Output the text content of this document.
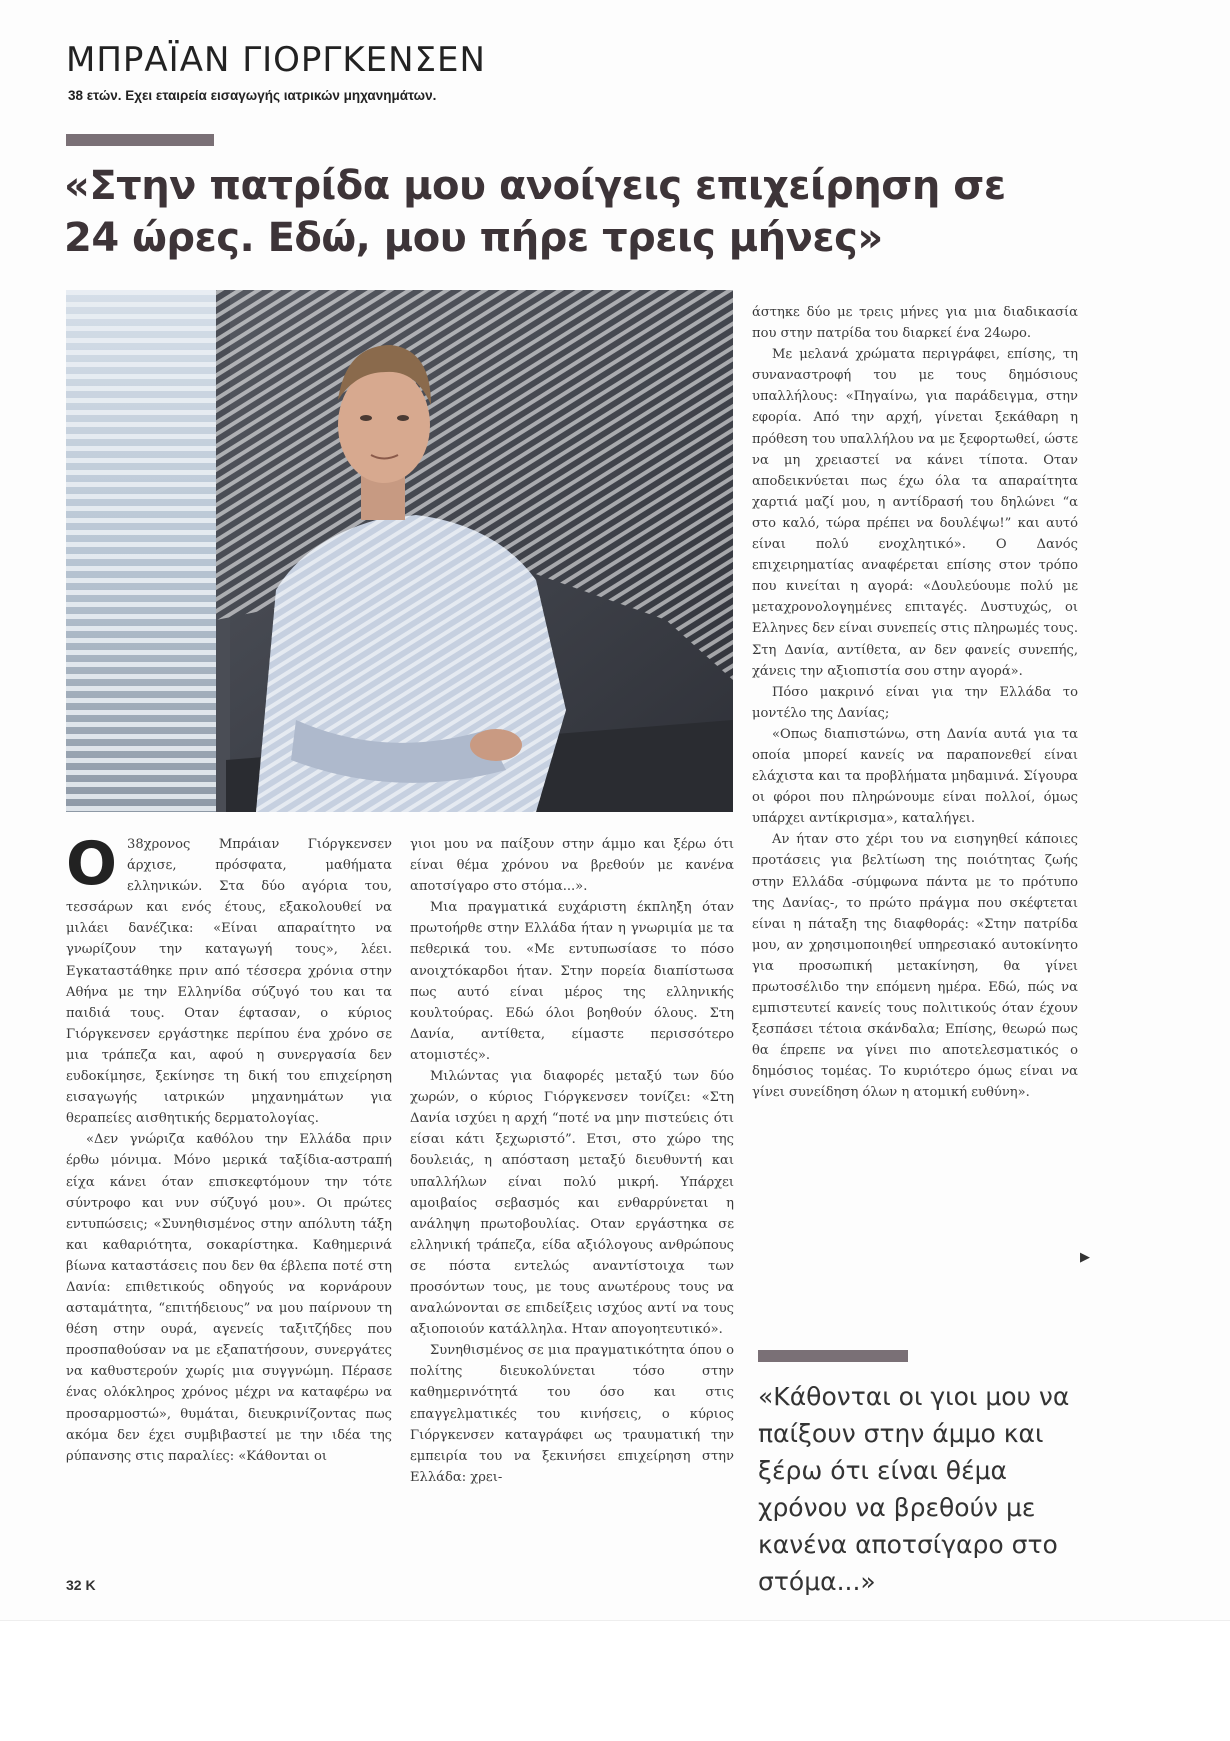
ΜΠΡΑΪΑΝ ΓΙΟΡΓΚΕΝΣΕΝ
38 ετών. Εχει εταιρεία εισαγωγής ιατρικών μηχανημάτων.
«Στην πατρίδα μου ανοίγεις επιχείρηση σε 24 ώρες. Εδώ, μου πήρε τρεις μήνες»

Ο 38χρονος Μπράιαν Γιόργκενσεν άρχισε, πρόσφατα, μαθήματα ελληνικών. Στα δύο αγόρια του, τεσσάρων και ενός έτους, εξακολουθεί να μιλάει δανέζικα: «Είναι απαραίτητο να γνωρίζουν την καταγωγή τους», λέει. Εγκαταστάθηκε πριν από τέσσερα χρόνια στην Αθήνα με την Ελληνίδα σύζυγό του και τα παιδιά τους. Οταν έφτασαν, ο κύριος Γιόργκενσεν εργάστηκε περίπου ένα χρόνο σε μια τράπεζα και, αφού η συνεργασία δεν ευδοκίμησε, ξεκίνησε τη δική του επιχείρηση εισαγωγής ιατρικών μηχανημάτων για θεραπείες αισθητικής δερματολογίας.

«Δεν γνώριζα καθόλου την Ελλάδα πριν έρθω μόνιμα. Μόνο μερικά ταξίδια-αστραπή είχα κάνει όταν επισκεφτόμουν την τότε σύντροφο και νυν σύζυγό μου». Οι πρώτες εντυπώσεις; «Συνηθισμένος στην απόλυτη τάξη και καθαριότητα, σοκαρίστηκα. Καθημερινά βίωνα καταστάσεις που δεν θα έβλεπα ποτέ στη Δανία: επιθετικούς οδηγούς να κορνάρουν ασταμάτητα, “επιτήδειους” να μου παίρνουν τη θέση στην ουρά, αγενείς ταξιτζήδες που προσπαθούσαν να με εξαπατήσουν, συνεργάτες να καθυστερούν χωρίς μια συγγνώμη. Πέρασε ένας ολόκληρος χρόνος μέχρι να καταφέρω να προσαρμοστώ», θυμάται, διευκρινίζοντας πως ακόμα δεν έχει συμβιβαστεί με την ιδέα της ρύπανσης στις παραλίες: «Κάθονται οι

γιοι μου να παίξουν στην άμμο και ξέρω ότι είναι θέμα χρόνου να βρεθούν με κανένα αποτσίγαρο στο στόμα...».

Μια πραγματικά ευχάριστη έκπληξη όταν πρωτοήρθε στην Ελλάδα ήταν η γνωριμία με τα πεθερικά του. «Με εντυπωσίασε το πόσο ανοιχτόκαρδοι ήταν. Στην πορεία διαπίστωσα πως αυτό είναι μέρος της ελληνικής κουλτούρας. Εδώ όλοι βοηθούν όλους. Στη Δανία, αντίθετα, είμαστε περισσότερο ατομιστές».

Μιλώντας για διαφορές μεταξύ των δύο χωρών, ο κύριος Γιόργκενσεν τονίζει: «Στη Δανία ισχύει η αρχή “ποτέ να μην πιστεύεις ότι είσαι κάτι ξεχωριστό”. Ετσι, στο χώρο της δουλειάς, η απόσταση μεταξύ διευθυντή και υπαλλήλων είναι πολύ μικρή. Υπάρχει αμοιβαίος σεβασμός και ενθαρρύνεται η ανάληψη πρωτοβουλίας. Οταν εργάστηκα σε ελληνική τράπεζα, είδα αξιόλογους ανθρώπους σε πόστα εντελώς αναντίστοιχα των προσόντων τους, με τους ανωτέρους τους να αναλώνονται σε επιδείξεις ισχύος αντί να τους αξιοποιούν κατάλληλα. Ηταν απογοητευτικό».

Συνηθισμένος σε μια πραγματικότητα όπου ο πολίτης διευκολύνεται τόσο στην καθημερινότητά του όσο και στις επαγγελματικές του κινήσεις, ο κύριος Γιόργκενσεν καταγράφει ως τραυματική την εμπειρία του να ξεκινήσει επιχείρηση στην Ελλάδα: χρει-

άστηκε δύο με τρεις μήνες για μια διαδικασία που στην πατρίδα του διαρκεί ένα 24ωρο.

Με μελανά χρώματα περιγράφει, επίσης, τη συναναστροφή του με τους δημόσιους υπαλλήλους: «Πηγαίνω, για παράδειγμα, στην εφορία. Από την αρχή, γίνεται ξεκάθαρη η πρόθεση του υπαλλήλου να με ξεφορτωθεί, ώστε να μη χρειαστεί να κάνει τίποτα. Οταν αποδεικνύεται πως έχω όλα τα απαραίτητα χαρτιά μαζί μου, η αντίδρασή του δηλώνει “α στο καλό, τώρα πρέπει να δουλέψω!” και αυτό είναι πολύ ενοχλητικό». Ο Δανός επιχειρηματίας αναφέρεται επίσης στον τρόπο που κινείται η αγορά: «Δουλεύουμε πολύ με μεταχρονολογημένες επιταγές. Δυστυχώς, οι Ελληνες δεν είναι συνεπείς στις πληρωμές τους. Στη Δανία, αντίθετα, αν δεν φανείς συνεπής, χάνεις την αξιοπιστία σου στην αγορά».

Πόσο μακρινό είναι για την Ελλάδα το μοντέλο της Δανίας;

«Οπως διαπιστώνω, στη Δανία αυτά για τα οποία μπορεί κανείς να παραπονεθεί είναι ελάχιστα και τα προβλήματα μηδαμινά. Σίγουρα οι φόροι που πληρώνουμε είναι πολλοί, όμως υπάρχει αντίκρισμα», καταλήγει.

Αν ήταν στο χέρι του να εισηγηθεί κάποιες προτάσεις για βελτίωση της ποιότητας ζωής στην Ελλάδα -σύμφωνα πάντα με το πρότυπο της Δανίας-, το πρώτο πράγμα που σκέφτεται είναι η πάταξη της διαφθοράς: «Στην πατρίδα μου, αν χρησιμοποιηθεί υπηρεσιακό αυτοκίνητο για προσωπική μετακίνηση, θα γίνει πρωτοσέλιδο την επόμενη ημέρα. Εδώ, πώς να εμπιστευτεί κανείς τους πολιτικούς όταν έχουν ξεσπάσει τέτοια σκάνδαλα; Επίσης, θεωρώ πως θα έπρεπε να γίνει πιο αποτελεσματικός ο δημόσιος τομέας. Το κυριότερο όμως είναι να γίνει συνείδηση όλων η ατομική ευθύνη».

▶
«Κάθονται οι γιοι μου να παίξουν στην άμμο και ξέρω ότι είναι θέμα χρόνου να βρεθούν με κανένα αποτσίγαρο στο στόμα...»
32 K
